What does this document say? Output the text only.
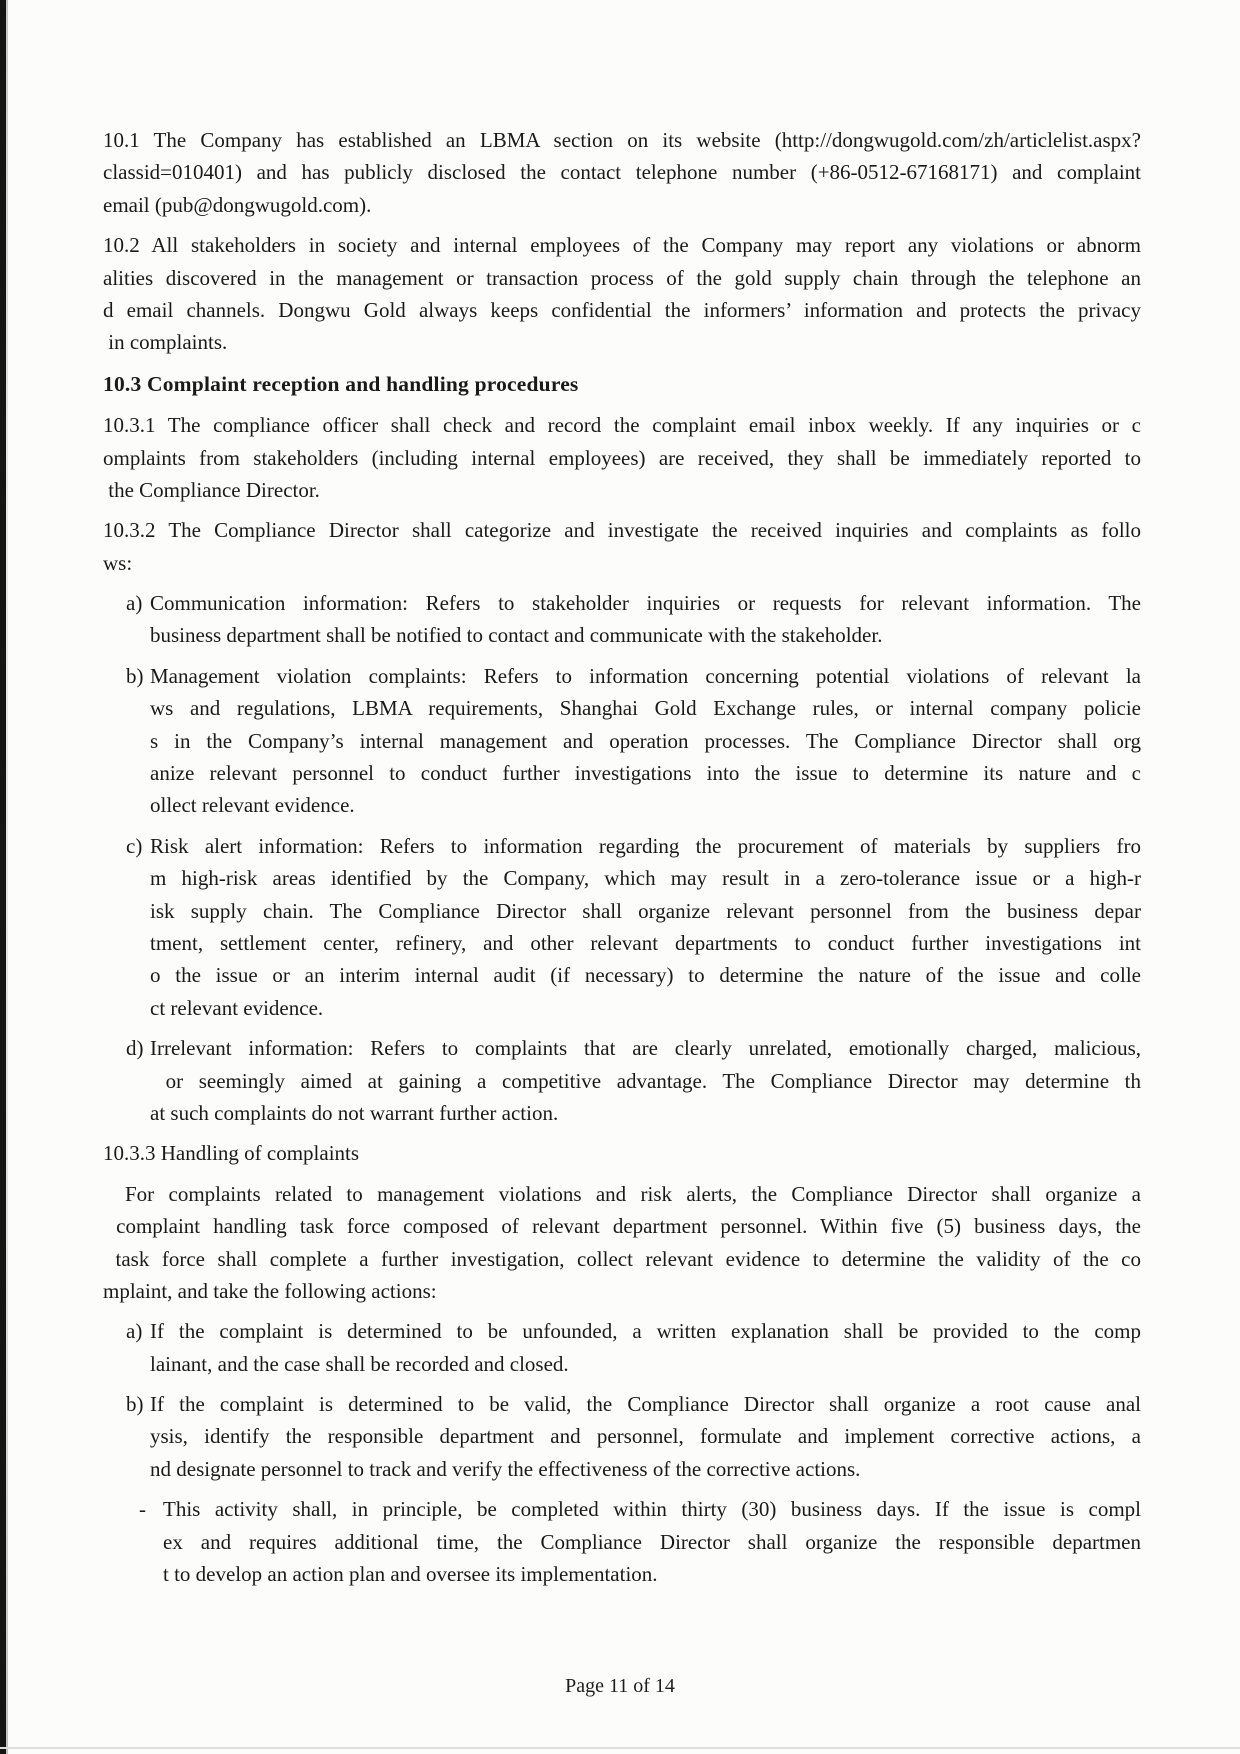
10.1 The Company has established an LBMA section on its website (http://dongwugold.com/zh/articlelist.aspx?
classid=010401) and has publicly disclosed the contact telephone number (+86-0512-67168171) and complaint
email (pub@dongwugold.com).
10.2 All stakeholders in society and internal employees of the Company may report any violations or abnorm
alities discovered in the management or transaction process of the gold supply chain through the telephone an
d email channels. Dongwu Gold always keeps confidential the informers’ information and protects the privacy
in complaints.
10.3 Complaint reception and handling procedures
10.3.1 The compliance officer shall check and record the complaint email inbox weekly. If any inquiries or c
omplaints from stakeholders (including internal employees) are received, they shall be immediately reported to
the Compliance Director.
10.3.2 The Compliance Director shall categorize and investigate the received inquiries and complaints as follo
ws:
a) Communication information: Refers to stakeholder inquiries or requests for relevant information. The
business department shall be notified to contact and communicate with the stakeholder.
b) Management violation complaints: Refers to information concerning potential violations of relevant la
ws and regulations, LBMA requirements, Shanghai Gold Exchange rules, or internal company policie
s in the Company’s internal management and operation processes. The Compliance Director shall org
anize relevant personnel to conduct further investigations into the issue to determine its nature and c
ollect relevant evidence.
c) Risk alert information: Refers to information regarding the procurement of materials by suppliers fro
m high-risk areas identified by the Company, which may result in a zero-tolerance issue or a high-r
isk supply chain. The Compliance Director shall organize relevant personnel from the business depar
tment, settlement center, refinery, and other relevant departments to conduct further investigations int
o the issue or an interim internal audit (if necessary) to determine the nature of the issue and colle
ct relevant evidence.
d) Irrelevant information: Refers to complaints that are clearly unrelated, emotionally charged, malicious,
or seemingly aimed at gaining a competitive advantage. The Compliance Director may determine th
at such complaints do not warrant further action.
10.3.3 Handling of complaints
For complaints related to management violations and risk alerts, the Compliance Director shall organize a
complaint handling task force composed of relevant department personnel. Within five (5) business days, the
task force shall complete a further investigation, collect relevant evidence to determine the validity of the co
mplaint, and take the following actions:
a) If the complaint is determined to be unfounded, a written explanation shall be provided to the comp
lainant, and the case shall be recorded and closed.
b) If the complaint is determined to be valid, the Compliance Director shall organize a root cause anal
ysis, identify the responsible department and personnel, formulate and implement corrective actions, a
nd designate personnel to track and verify the effectiveness of the corrective actions.
- This activity shall, in principle, be completed within thirty (30) business days. If the issue is compl
ex and requires additional time, the Compliance Director shall organize the responsible departmen
t to develop an action plan and oversee its implementation.
Page 11 of 14
